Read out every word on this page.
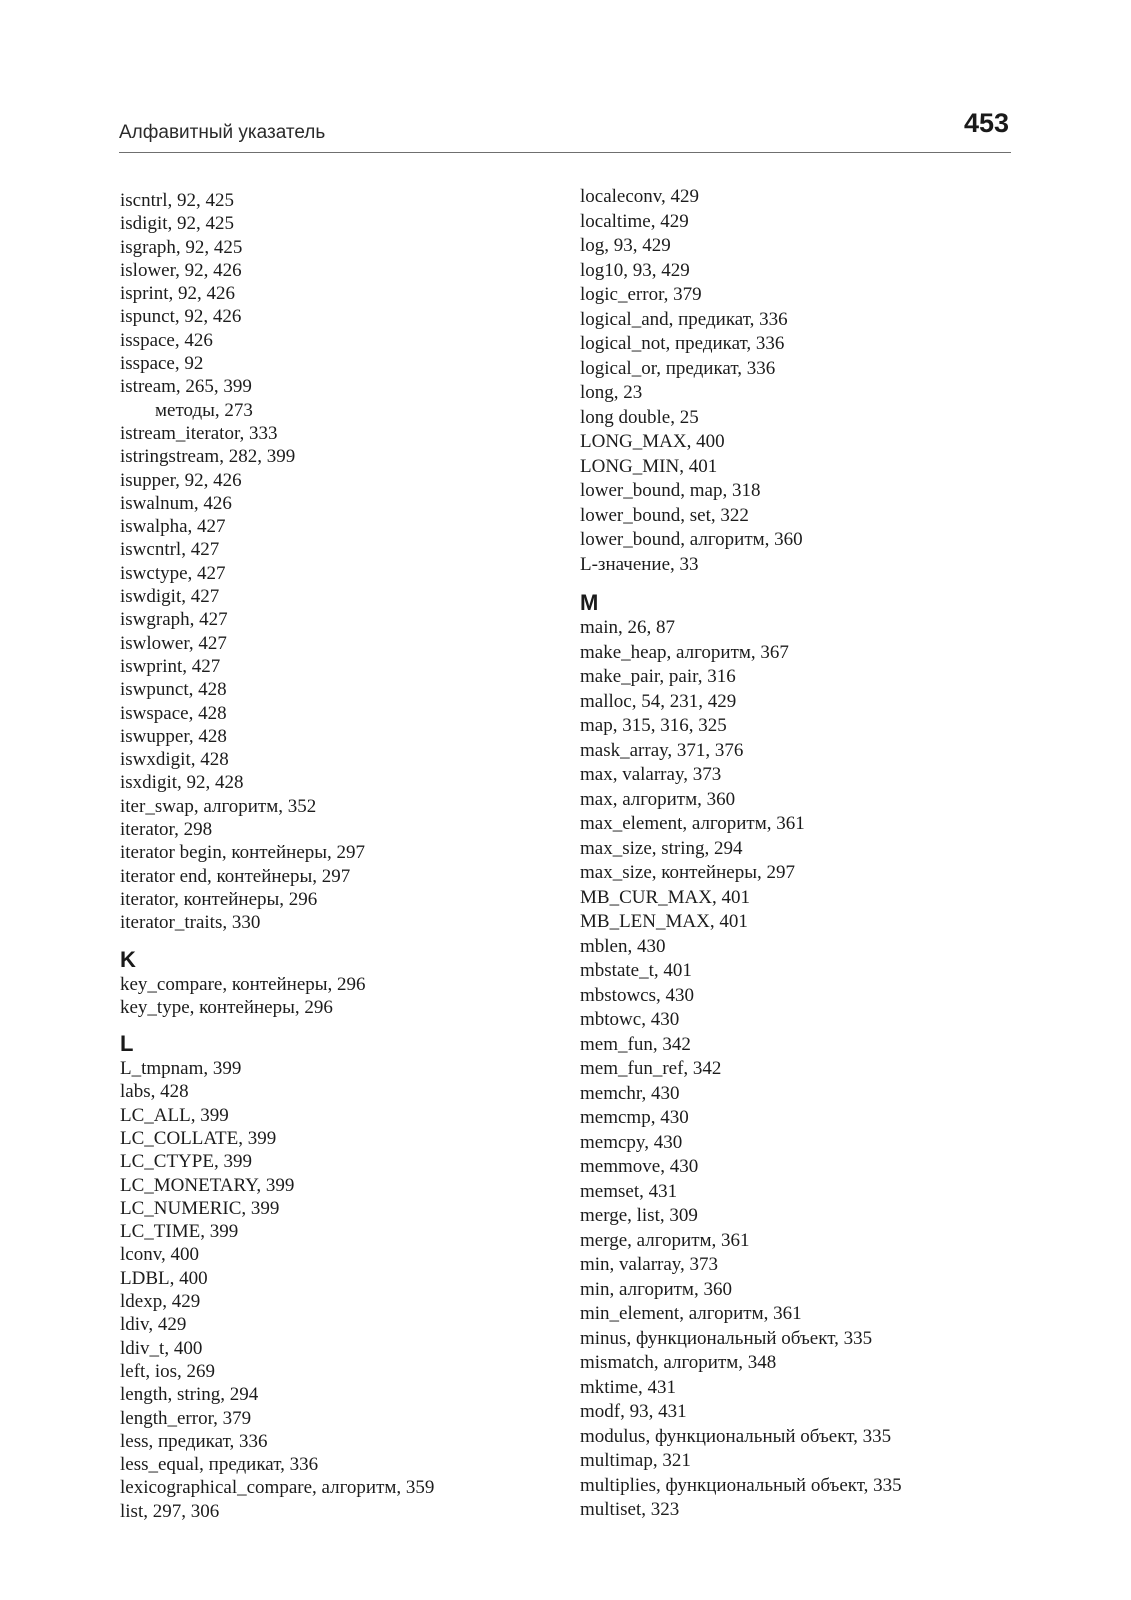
Алфавитный указатель	453
iscntrl, 92, 425
isdigit, 92, 425
isgraph, 92, 425
islower, 92, 426
isprint, 92, 426
ispunct, 92, 426
isspace, 426
isspace, 92
istream, 265, 399
методы, 273
istream_iterator, 333
istringstream, 282, 399
isupper, 92, 426
iswalnum, 426
iswalpha, 427
iswcntrl, 427
iswctype, 427
iswdigit, 427
iswgraph, 427
iswlower, 427
iswprint, 427
iswpunct, 428
iswspace, 428
iswupper, 428
iswxdigit, 428
isxdigit, 92, 428
iter_swap, алгоритм, 352
iterator, 298
iterator begin, контейнеры, 297
iterator end, контейнеры, 297
iterator, контейнеры, 296
iterator_traits, 330
K
key_compare, контейнеры, 296
key_type, контейнеры, 296
L
L_tmpnam, 399
labs, 428
LC_ALL, 399
LC_COLLATE, 399
LC_CTYPE, 399
LC_MONETARY, 399
LC_NUMERIC, 399
LC_TIME, 399
lconv, 400
LDBL, 400
ldexp, 429
ldiv, 429
ldiv_t, 400
left, ios, 269
length, string, 294
length_error, 379
less, предикат, 336
less_equal, предикат, 336
lexicographical_compare, алгоритм, 359
list, 297, 306
localeconv, 429
localtime, 429
log, 93, 429
log10, 93, 429
logic_error, 379
logical_and, предикат, 336
logical_not, предикат, 336
logical_or, предикат, 336
long, 23
long double, 25
LONG_MAX, 400
LONG_MIN, 401
lower_bound, map, 318
lower_bound, set, 322
lower_bound, алгоритм, 360
L-значение, 33
M
main, 26, 87
make_heap, алгоритм, 367
make_pair, pair, 316
malloc, 54, 231, 429
map, 315, 316, 325
mask_array, 371, 376
max, valarray, 373
max, алгоритм, 360
max_element, алгоритм, 361
max_size, string, 294
max_size, контейнеры, 297
MB_CUR_MAX, 401
MB_LEN_MAX, 401
mblen, 430
mbstate_t, 401
mbstowcs, 430
mbtowc, 430
mem_fun, 342
mem_fun_ref, 342
memchr, 430
memcmp, 430
memcpy, 430
memmove, 430
memset, 431
merge, list, 309
merge, алгоритм, 361
min, valarray, 373
min, алгоритм, 360
min_element, алгоритм, 361
minus, функциональный объект, 335
mismatch, алгоритм, 348
mktime, 431
modf, 93, 431
modulus, функциональный объект, 335
multimap, 321
multiplies, функциональный объект, 335
multiset, 323
